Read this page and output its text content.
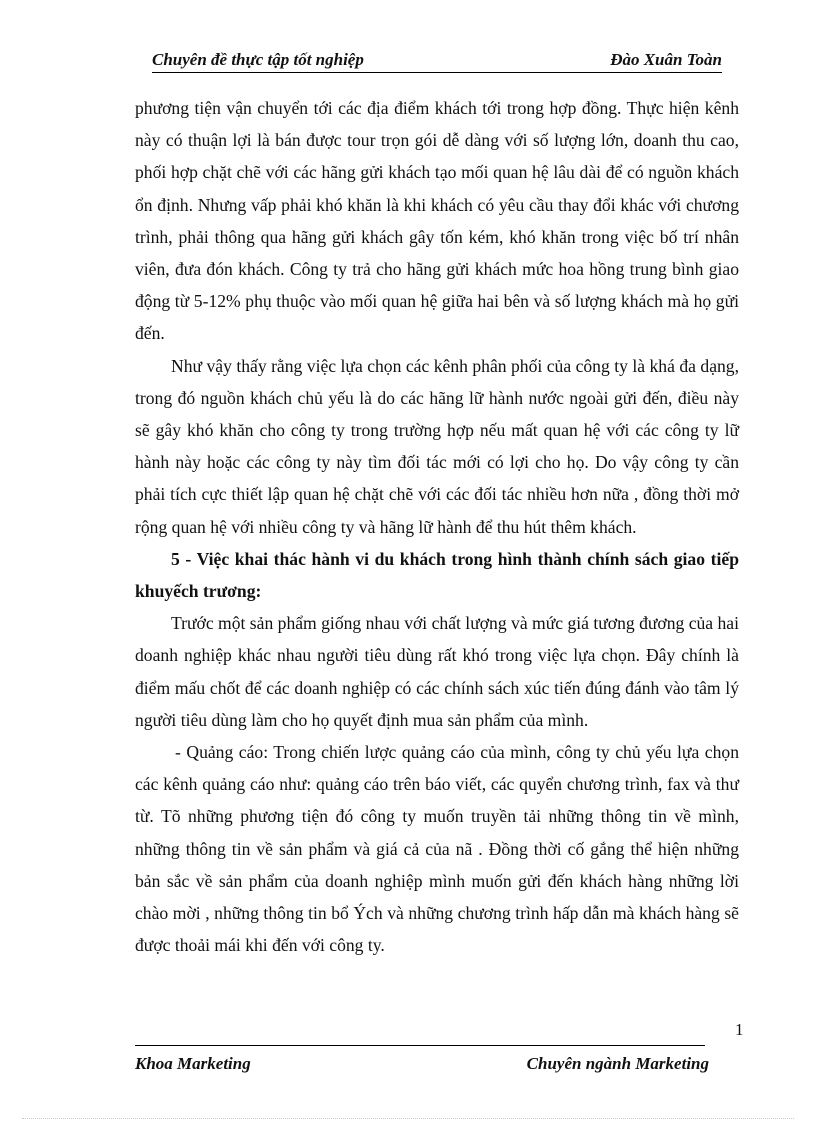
Chuyên đề thực tập tốt nghiệp	Đào Xuân Toàn

phương tiện vận chuyển tới các địa điểm khách tới trong hợp đồng. Thực hiện kênh này có thuận lợi là bán được tour trọn gói dễ dàng với số lượng lớn, doanh thu cao, phối hợp chặt chẽ với các hãng gửi khách tạo mối quan hệ lâu dài để có nguồn khách ổn định. Nhưng vấp phải khó khăn là khi khách có yêu cầu thay đổi khác với chương trình, phải thông qua hãng gửi khách gây tốn kém, khó khăn trong việc bố trí nhân viên, đưa đón khách. Công ty trả cho hãng gửi khách mức hoa hồng trung bình giao động từ 5-12% phụ thuộc vào mối quan hệ giữa hai bên và số lượng khách mà họ gửi đến.

Như vậy thấy rằng việc lựa chọn các kênh phân phối của công ty là khá đa dạng, trong đó nguồn khách chủ yếu là do các hãng lữ hành nước ngoài gửi đến, điều này sẽ gây khó khăn cho công ty trong trường hợp nếu mất quan hệ với các công ty lữ hành này hoặc các công ty này tìm đối tác mới có lợi cho họ. Do vậy công ty cần phải tích cực thiết lập quan hệ chặt chẽ với các đối tác nhiều hơn nữa , đồng thời mở rộng quan hệ với nhiều công ty và hãng lữ hành để thu hút thêm khách.

5 - Việc khai thác hành vi du khách trong hình thành chính sách giao tiếp khuyếch trương:

Trước một sản phẩm giống nhau với chất lượng và mức giá tương đương của hai doanh nghiệp khác nhau người tiêu dùng rất khó trong việc lựa chọn. Đây chính là điểm mấu chốt để các doanh nghiệp có các chính sách xúc tiến đúng đánh vào tâm lý người tiêu dùng làm cho họ quyết định mua sản phẩm của mình.

- Quảng cáo: Trong chiến lược quảng cáo của mình, công ty chủ yếu lựa chọn các kênh quảng cáo như: quảng cáo trên báo viết, các quyển chương trình, fax và thư từ. Tõ những phương tiện đó công ty muốn truyền tải những thông tin về mình, những thông tin về sản phẩm và giá cả của nã . Đồng thời cố gắng thể hiện những bản sắc về sản phẩm của doanh nghiệp mình muốn gửi đến khách hàng những lời chào mời , những thông tin bổ Ých và những chương trình hấp dẫn mà khách hàng sẽ được thoải mái khi đến với công ty.

1
Khoa Marketing	Chuyên ngành Marketing
